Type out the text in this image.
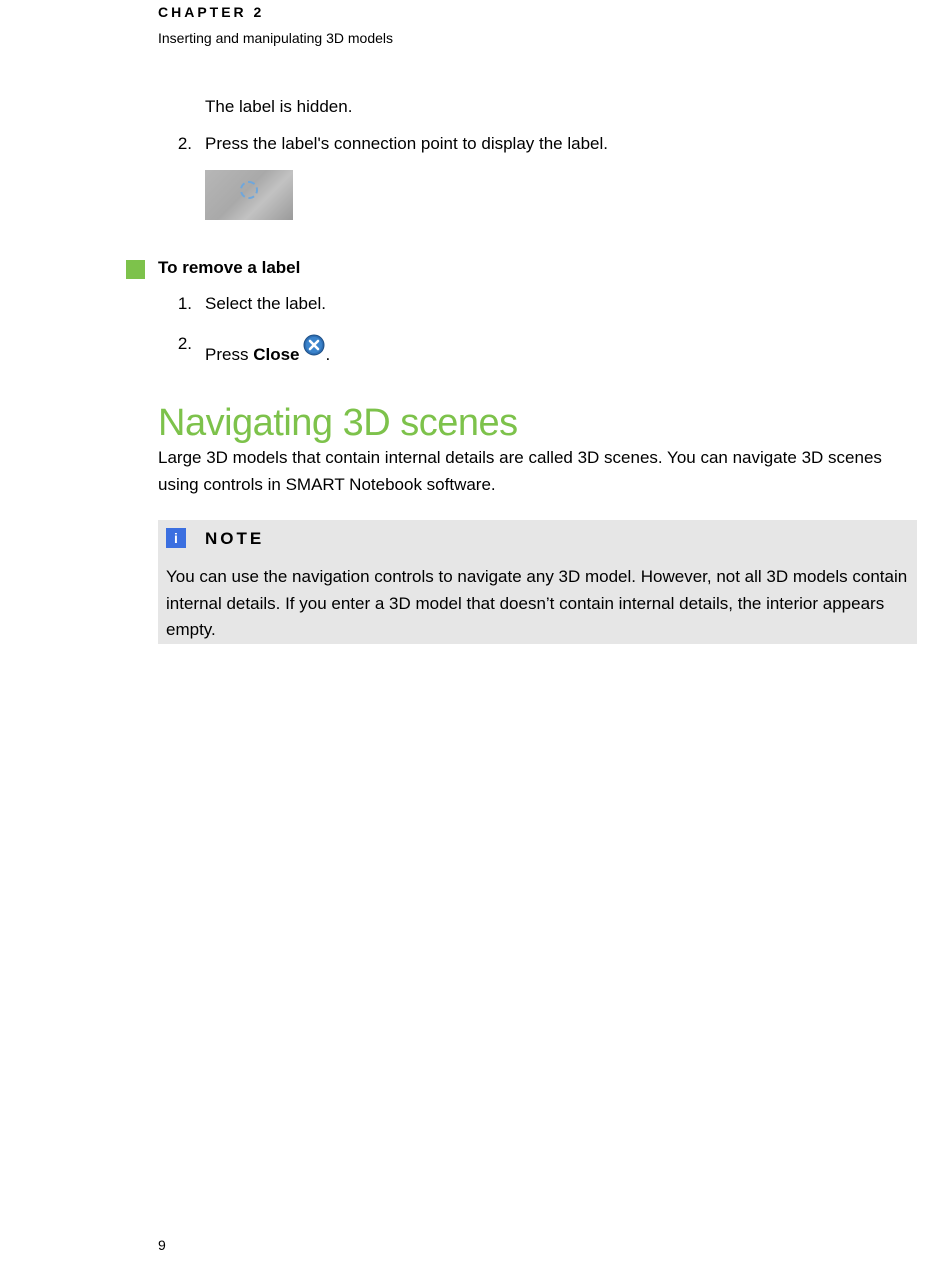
CHAPTER 2
Inserting and manipulating 3D models
The label is hidden.
2. Press the label's connection point to display the label.
To remove a label
1. Select the label.
2.
Press Close .
Navigating 3D scenes
Large 3D models that contain internal details are called 3D scenes. You can navigate 3D scenes using controls in SMART Notebook software.
i	NOTE
You can use the navigation controls to navigate any 3D model. However, not all 3D models contain internal details. If you enter a 3D model that doesn’t contain internal details, the interior appears empty.
9
